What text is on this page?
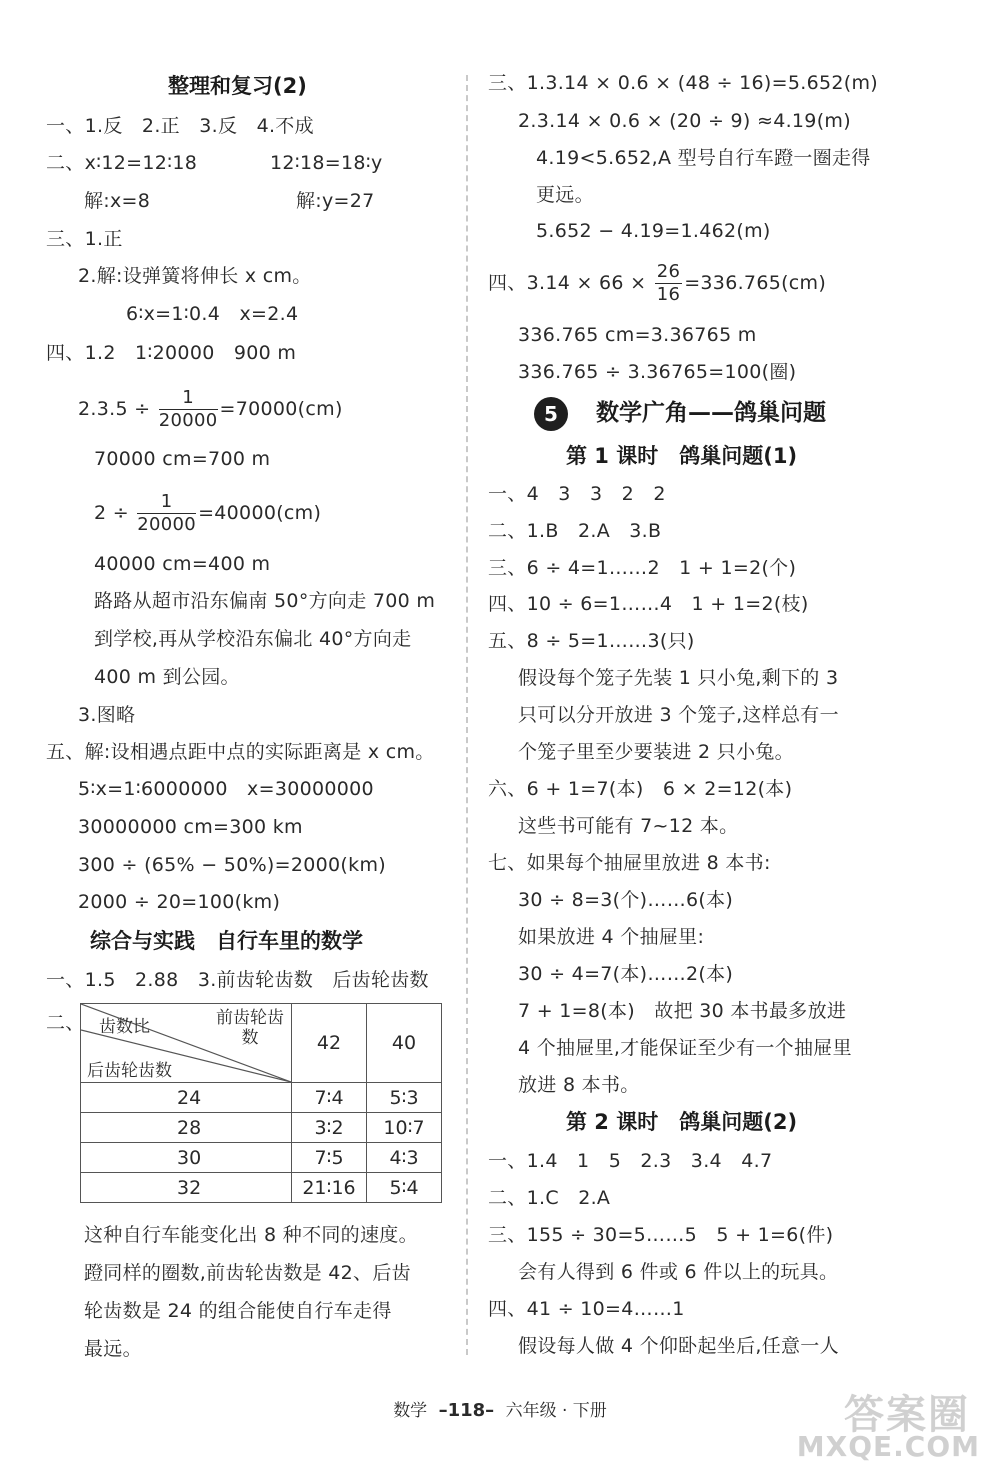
整理和复习(2)
一、1.反　2.正　3.反　4.不成
二、x∶12=12∶18	12∶18=18∶y
解:x=8	解:y=27
三、1.正
2.解:设弹簧将伸长 x cm。
6∶x=1∶0.4　x=2.4
四、1.2　1∶20000　900 m
$2.3.5 \div \frac{1}{20000} =70000(cm)$
70000 cm=700 m
$2 \div \frac{1}{20000} =40000(cm)$
40000 cm=400 m
路路从超市沿东偏南 50°方向走 700 m
到学校,再从学校沿东偏北 40°方向走
400 m 到公园。
3.图略
五、解:设相遇点距中点的实际距离是 x cm。
5∶x=1∶6000000　x=30000000
30000000 cm=300 km
300 ÷ (65% − 50%)=2000(km)
2000 ÷ 20=100(km)
综合与实践　自行车里的数学
一、1.5　2.88　3.前齿轮齿数　后齿轮齿数
二、 齿数比 前齿轮齿数
后齿轮齿数	42	40
24	7∶4	5∶3
28	3∶2	10∶7
30	7∶5	4∶3
32	21∶16	5∶4
这种自行车能变化出 8 种不同的速度。
蹬同样的圈数,前齿轮齿数是 42、后齿
轮齿数是 24 的组合能使自行车走得
最远。
三、1.3.14 × 0.6 × (48 ÷ 16)=5.652(m)
2.3.14 × 0.6 × (20 ÷ 9) ≈4.19(m)
4.19<5.652,A 型号自行车蹬一圈走得
更远。
5.652 − 4.19=1.462(m)
四、$3.14 \times 66 \times \frac{26}{16} =336.765(cm)$
336.765 cm=3.36765 m
336.765 ÷ 3.36765=100(圈)
5	数学广角——鸽巢问题
第 1 课时　鸽巢问题(1)
一、4　3　3　2　2
二、1.B　2.A　3.B
三、6 ÷ 4=1……2　1 + 1=2(个)
四、10 ÷ 6=1……4　1 + 1=2(枝)
五、8 ÷ 5=1……3(只)
假设每个笼子先装 1 只小兔,剩下的 3
只可以分开放进 3 个笼子,这样总有一
个笼子里至少要装进 2 只小兔。
六、6 + 1=7(本)　6 × 2=12(本)
这些书可能有 7~12 本。
七、如果每个抽屉里放进 8 本书:
30 ÷ 8=3(个)……6(本)
如果放进 4 个抽屉里:
30 ÷ 4=7(本)……2(本)
7 + 1=8(本)　故把 30 本书最多放进
4 个抽屉里,才能保证至少有一个抽屉里
放进 8 本书。
第 2 课时　鸽巢问题(2)
一、1.4　1　5　2.3　3.4　4.7
二、1.C　2.A
三、155 ÷ 30=5……5　5 + 1=6(件)
会有人得到 6 件或 6 件以上的玩具。
四、41 ÷ 10=4……1
假设每人做 4 个仰卧起坐后,任意一人
数学 –118– 六年级 · 下册	答案圈
MXQE.COM
